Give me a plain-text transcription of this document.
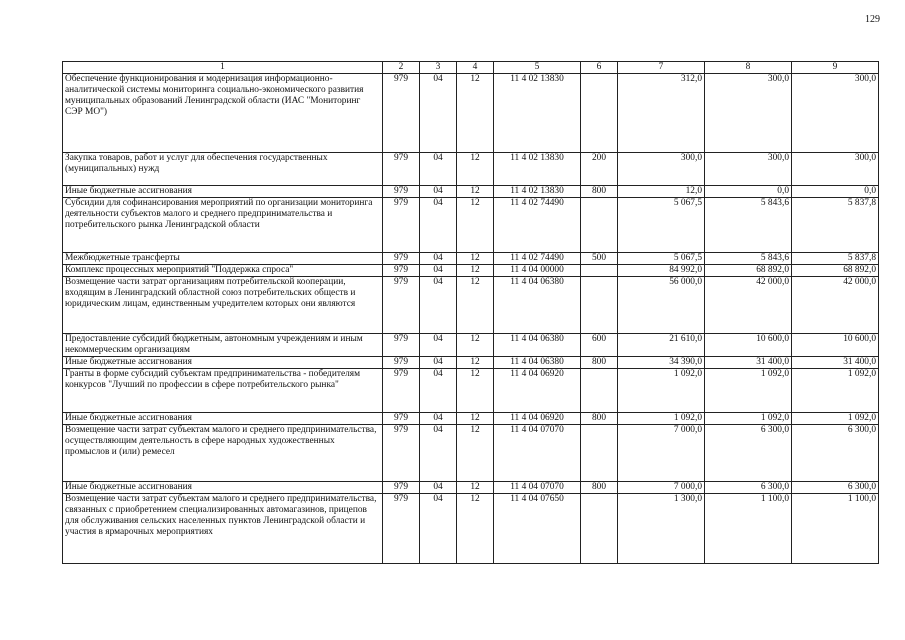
129
1	2	3	4	5	6	7	8	9
Обеспечение функционирования и модернизация информационно-аналитической системы мониторинга социально-экономического развития муниципальных образований Ленинградской области (ИАС "Мониторинг СЭР МО")	979	04	12	11 4 02 13830		312,0	300,0	300,0
Закупка товаров, работ и услуг для обеспечения государственных (муниципальных) нужд	979	04	12	11 4 02 13830	200	300,0	300,0	300,0
Иные бюджетные ассигнования	979	04	12	11 4 02 13830	800	12,0	0,0	0,0
Субсидии для софинансирования мероприятий по организации мониторинга деятельности субъектов малого и среднего предпринимательства и потребительского рынка Ленинградской области	979	04	12	11 4 02 74490		5 067,5	5 843,6	5 837,8
Межбюджетные трансферты	979	04	12	11 4 02 74490	500	5 067,5	5 843,6	5 837,8
Комплекс процессных мероприятий "Поддержка спроса"	979	04	12	11 4 04 00000		84 992,0	68 892,0	68 892,0
Возмещение части затрат организациям потребительской кооперации, входящим в Ленинградский областной союз потребительских обществ и юридическим лицам, единственным учредителем которых они являются	979	04	12	11 4 04 06380		56 000,0	42 000,0	42 000,0
Предоставление субсидий бюджетным, автономным учреждениям и иным некоммерческим организациям	979	04	12	11 4 04 06380	600	21 610,0	10 600,0	10 600,0
Иные бюджетные ассигнования	979	04	12	11 4 04 06380	800	34 390,0	31 400,0	31 400,0
Гранты в форме субсидий субъектам предпринимательства - победителям конкурсов "Лучший по профессии в сфере потребительского рынка"	979	04	12	11 4 04 06920		1 092,0	1 092,0	1 092,0
Иные бюджетные ассигнования	979	04	12	11 4 04 06920	800	1 092,0	1 092,0	1 092,0
Возмещение части затрат субъектам малого и среднего предпринимательства, осуществляющим деятельность в сфере народных художественных промыслов и (или) ремесел	979	04	12	11 4 04 07070		7 000,0	6 300,0	6 300,0
Иные бюджетные ассигнования	979	04	12	11 4 04 07070	800	7 000,0	6 300,0	6 300,0
Возмещение части затрат субъектам малого и среднего предпринимательства, связанных с приобретением специализированных автомагазинов, прицепов для обслуживания сельских населенных пунктов Ленинградской области и участия в ярмарочных мероприятиях	979	04	12	11 4 04 07650		1 300,0	1 100,0	1 100,0
